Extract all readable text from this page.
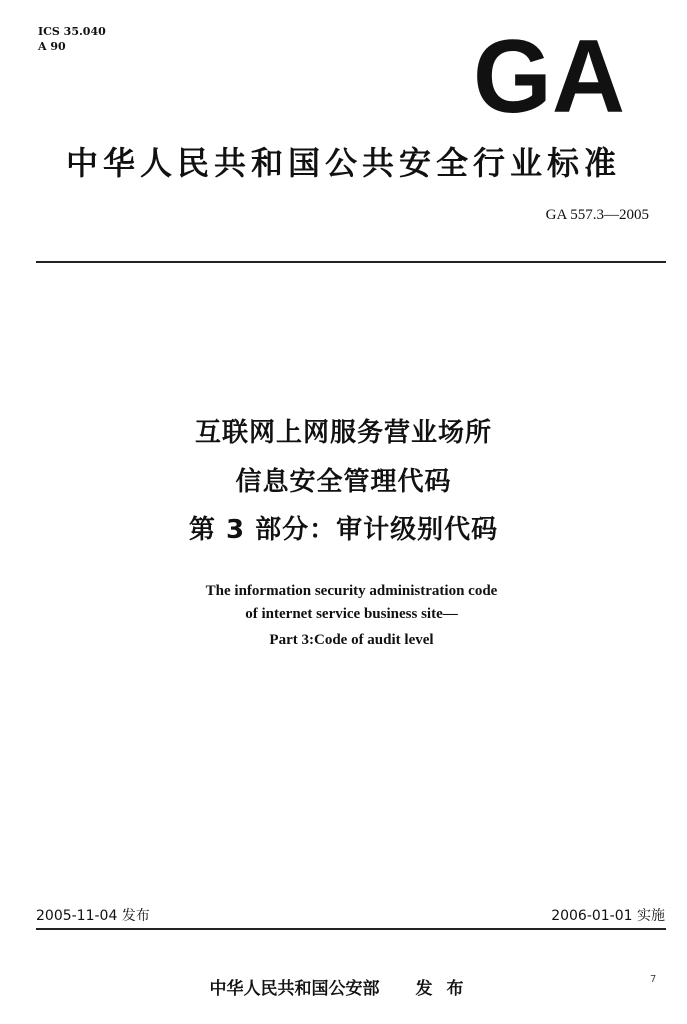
ICS 35.040
A 90	GA
中华人民共和国公共安全行业标准
GA 557.3—2005
互联网上网服务营业场所
信息安全管理代码
第 3 部分：审计级别代码
The information security administration code
of internet service business site—
Part 3:Code of audit level
2005-11-04 发布	2006-01-01 实施
中华人民共和国公安部 发布	7
